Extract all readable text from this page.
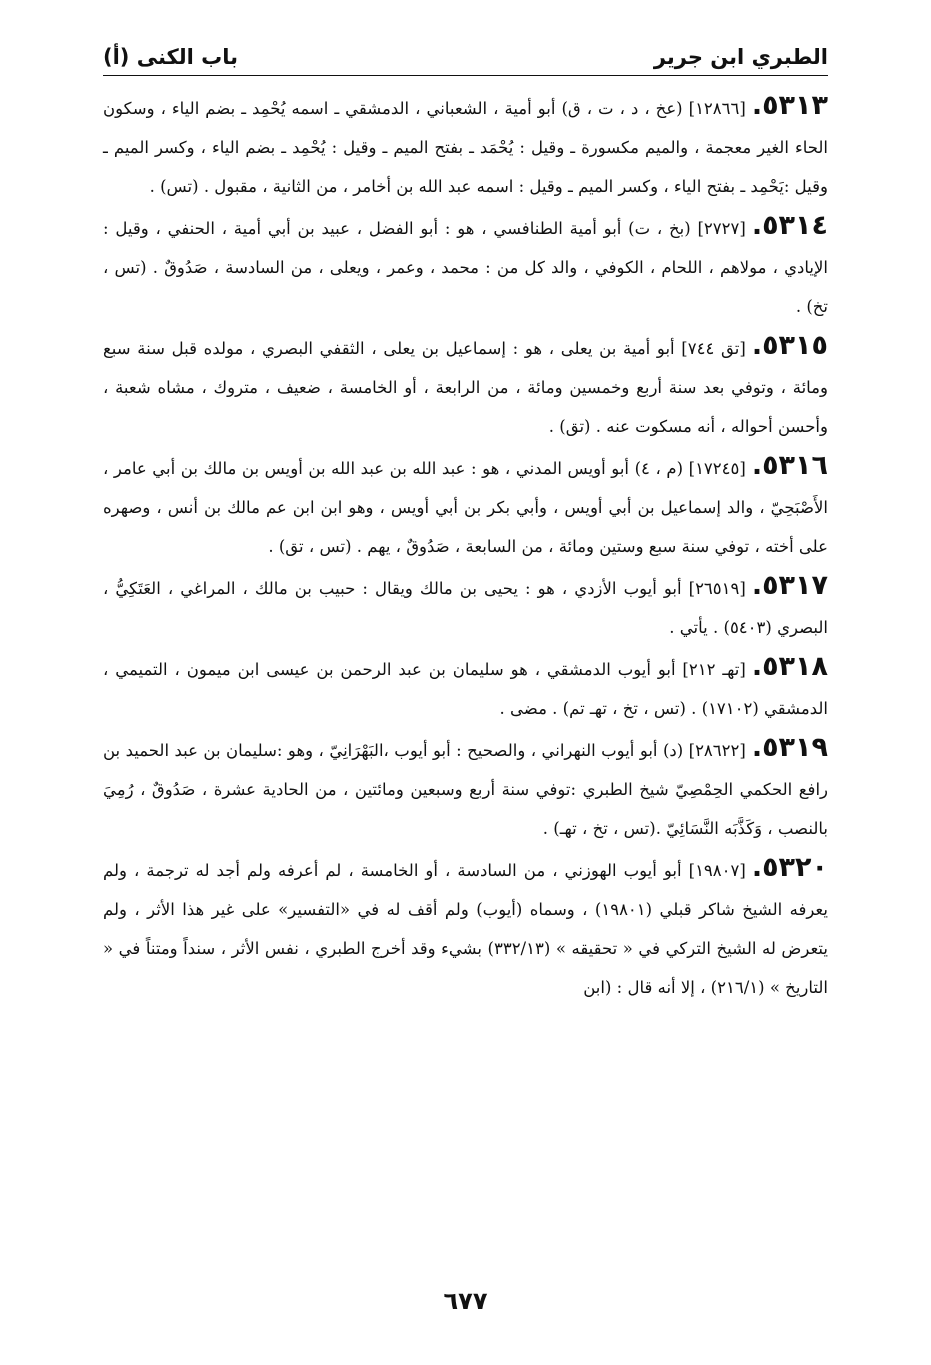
الطبري ابن جرير
باب الكنى (أ)

٥٣١٣.[١٢٨٦٦] (عخ ، د ، ت ، ق) أبو أمية ، الشعباني ، الدمشقي ـ اسمه يُحْمِد ـ بضم الياء ، وسكون الحاء الغير معجمة ، والميم مكسورة ـ وقيل : يُحْمَد ـ بفتح الميم ـ وقيل : يُحْمِد ـ بضم الياء ، وكسر الميم ـ وقيل :يَحْمِد ـ بفتح الياء ، وكسر الميم ـ وقيل : اسمه عبد الله بن أخامر ، من الثانية ، مقبول . (تس) .

٥٣١٤.[٢٧٢٧] (بخ ، ت) أبو أمية الطنافسي ، هو : أبو الفضل ، عبيد بن أبي أمية ، الحنفي ، وقيل : الإيادي ، مولاهم ، اللحام ، الكوفي ، والد كل من : محمد ، وعمر ، ويعلى ، من السادسة ، صَدُوقٌ . (تس ، تخ) .

٥٣١٥.[تق ٧٤٤] أبو أمية بن يعلى ، هو : إسماعيل بن يعلى ، الثقفي البصري ، مولده قبل سنة سبع ومائة ، وتوفي بعد سنة أربع وخمسين ومائة ، من الرابعة ، أو الخامسة ، ضعيف ، متروك ، مشاه شعبة ، وأحسن أحواله ، أنه مسكوت عنه . (تق) .

٥٣١٦.[١٧٢٤٥] (م ، ٤) أبو أويس المدني ، هو : عبد الله بن عبد الله بن أويس بن مالك بن أبي عامر ، الأَصْبَحِيّ ، والد إسماعيل بن أبي أويس ، وأبي بكر بن أبي أويس ، وهو ابن ابن عم مالك بن أنس ، وصهره على أخته ، توفي سنة سبع وستين ومائة ، من السابعة ، صَدُوقٌ ، يهم . (تس ، تق) .

٥٣١٧.[٢٦٥١٩] أبو أيوب الأزدي ، هو : يحيى بن مالك ويقال : حبيب بن مالك ، المراغي ، العَتَكِيُّ ، البصري (٥٤٠٣) . يأتي .

٥٣١٨.[تهـ ٢١٢] أبو أيوب الدمشقي ، هو سليمان بن عبد الرحمن بن عيسى ابن ميمون ، التميمي ، الدمشقي (١٧١٠٢) . (تس ، تخ ، تهـ تم) . مضى .

٥٣١٩.[٢٨٦٢٢] (د) أبو أيوب النهراني ، والصحيح : أبو أيوب ،البَهْرَانِيّ ، وهو :سليمان بن عبد الحميد بن رافع الحكمي الحِمْصِيّ شيخ الطبري :توفي سنة أربع وسبعين ومائتين ، من الحادية عشرة ، صَدُوقٌ ، رُمِيَ بالنصب ، وَكَذَّبَه النَّسَائِيّ .(تس ، تخ ، تهـ) .

٥٣٢٠.[١٩٨٠٧] أبو أيوب الهوزني ، من السادسة ، أو الخامسة ، لم أعرفه ولم أجد له ترجمة ، ولم يعرفه الشيخ شاكر قبلي (١٩٨٠١) ، وسماه (أيوب) ولم أقف له في «التفسير» على غير هذا الأثر ، ولم يتعرض له الشيخ التركي في « تحقيقه » (٣٣٢/١٣) بشيء وقد أخرج الطبري ، نفس الأثر ، سنداً ومتناً في « التاريخ » (٢١٦/١) ، إلا أنه قال : (ابن

٦٧٧
